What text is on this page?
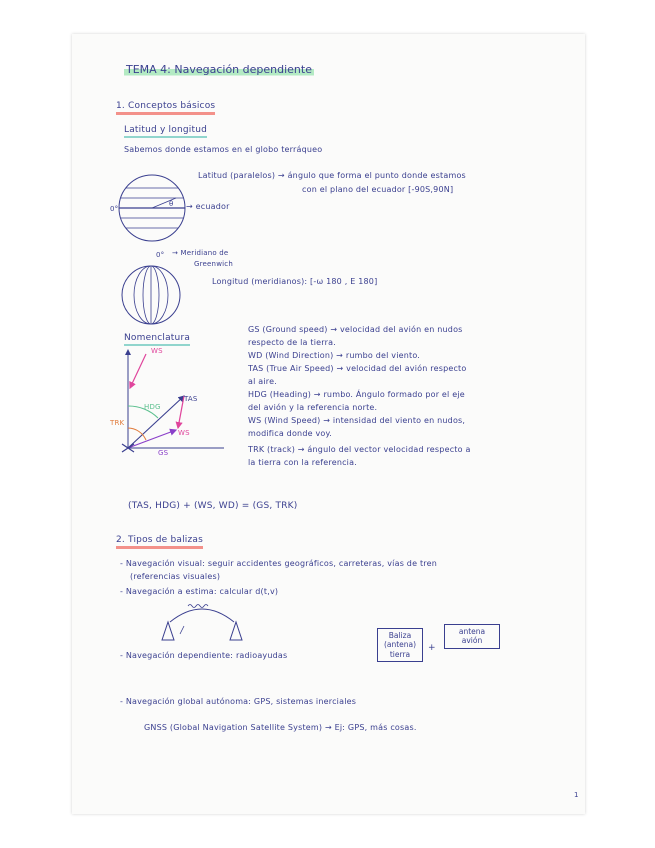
TEMA 4: Navegación dependiente
1. Conceptos básicos
Latitud y longitud
Sabemos donde estamos en el globo terráqueo
0°
θ → ecuador
Latitud (paralelos) → ángulo que forma el punto donde estamos
con el plano del ecuador [-90S,90N]
0° → Meridiano de
Greenwich
Longitud (meridianos): [-ω 180 , E 180]
Nomenclatura
WS
TAS
HDG
WS
GS
TRK
GS (Ground speed) → velocidad del avión en nudos
respecto de la tierra.
WD (Wind Direction) → rumbo del viento.
TAS (True Air Speed) → velocidad del avión respecto
al aire.
HDG (Heading) → rumbo. Ángulo formado por el eje
del avión y la referencia norte.
WS (Wind Speed) → intensidad del viento en nudos,
modifica donde voy.
TRK (track) → ángulo del vector velocidad respecto a
la tierra con la referencia.
(TAS, HDG) + (WS, WD) = (GS, TRK)
2. Tipos de balizas
- Navegación visual: seguir accidentes geográficos, carreteras, vías de tren
(referencias visuales)
- Navegación a estima: calcular d(t,v)
- Navegación dependiente: radioayudas
Baliza
(antena)
tierra
+
antena
avión
- Navegación global autónoma: GPS, sistemas inerciales
GNSS (Global Navigation Satellite System) → Ej: GPS, más cosas.
1
